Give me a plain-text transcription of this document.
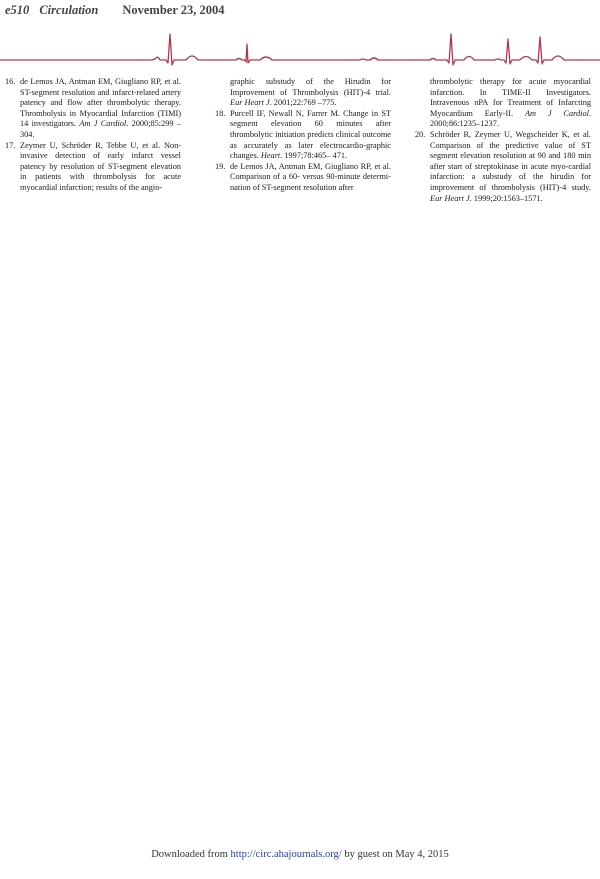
e510 Circulation November 23, 2004
16. de Lemos JA, Antman EM, Giugliano RP, et al. ST-segment resolution and infarct-related artery patency and flow after thrombolytic therapy. Thrombolysis in Myocardial Infarction (TIMI) 14 investigators. Am J Cardiol. 2000;85:299 –304.
17. Zeymer U, Schröder R, Tebbe U, et al. Non-invasive detection of early infarct vessel patency by resolution of ST-segment elevation in patients with thrombolysis for acute myocardial infarction; results of the angio-
graphic substudy of the Hirudin for Improvement of Thrombolysis (HIT)-4 trial. Eur Heart J. 2001;22:769 –775.
18. Purcell IF, Newall N, Farrer M. Change in ST segment elevation 60 minutes after thrombolytic initiation predicts clinical outcome as accurately as later electrocardio-graphic changes. Heart. 1997;78:465– 471.
19. de Lemos JA, Antman EM, Giugliano RP, et al. Comparison of a 60- versus 90-minute determi-nation of ST-segment resolution after
thrombolytic therapy for acute myocardial infarction. In TIME-II Investigators. Intravenous nPA for Treatment of Infarcting Myocardium Early-II. Am J Cardiol. 2000;86:1235–1237.
20. Schröder R, Zeymer U, Wegscheider K, et al. Comparison of the predictive value of ST segment elevation resolution at 90 and 180 min after start of streptokinase in acute myo-cardial infarction: a substudy of the hirudin for improvement of thrombolysis (HIT)-4 study. Eur Heart J. 1999;20:1563–1571.
Downloaded from http://circ.ahajournals.org/ by guest on May 4, 2015
